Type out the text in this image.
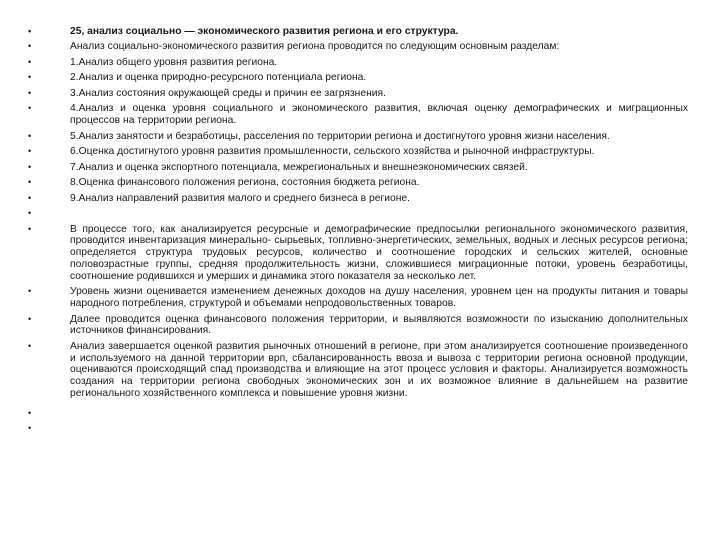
•	25, анализ социально — экономического развития региона и его структура.
•	Анализ социально-экономического развития региона проводится по следующим основным разделам:
•	1.Анализ общего уровня развития региона.
•	2.Анализ и оценка природно-ресурсного потенциала региона.
•	3.Анализ состояния окружающей среды и причин ее загрязнения.
•	4.Анализ и оценка уровня социального и экономического развития, включая оценку демографических и миграционных процессов на территории региона.
•	5.Анализ занятости и безработицы, расселения по территории региона и достигнутого уровня жизни населения.
•	6.Оценка достигнутого уровня развития промышленности, сельского хозяйства и рыночной инфраструктуры.
•	7.Анализ и оценка экспортного потенциала, межрегиональных и внешнеэкономических связей.
•	8.Оценка финансового положения региона, состояния бюджета региона.
•	9.Анализ направлений развития малого и среднего бизнеса в регионе.
•
•	В процессе того, как анализируется ресурсные и демографические предпосылки регионального экономического развития, проводится инвентаризация минерально- сырьевых, топливно-энергетических, земельных, водных и лесных ресурсов региона; определяется структура трудовых ресурсов, количество и соотношение городских и сельских жителей, основные половозрастные группы, средняя продолжительность жизни, сложившиеся миграционные потоки, уровень безработицы, соотношение родившихся и умерших и динамика этого показателя за несколько лет.
•	Уровень жизни оценивается изменением денежных доходов на душу населения, уровнем цен на продукты питания и товары народного потребления, структурой и объемами непродовольственных товаров.
•	Далее проводится оценка финансового положения территории, и выявляются возможности по изысканию дополнительных источников финансирования.
•	Анализ завершается оценкой развития рыночных отношений в регионе, при этом анализируется соотношение произведенного и используемого на данной территории врп, сбалансированность ввоза и вывоза с территории региона основной продукции, оцениваются происходящий спад производства и влияющие на этот процесс условия и факторы. Анализируется возможность создания на территории региона свободных экономических зон и их возможное влияние в дальнейшем на развитие регионального хозяйственного комплекса и повышение уровня жизни.
•
•
